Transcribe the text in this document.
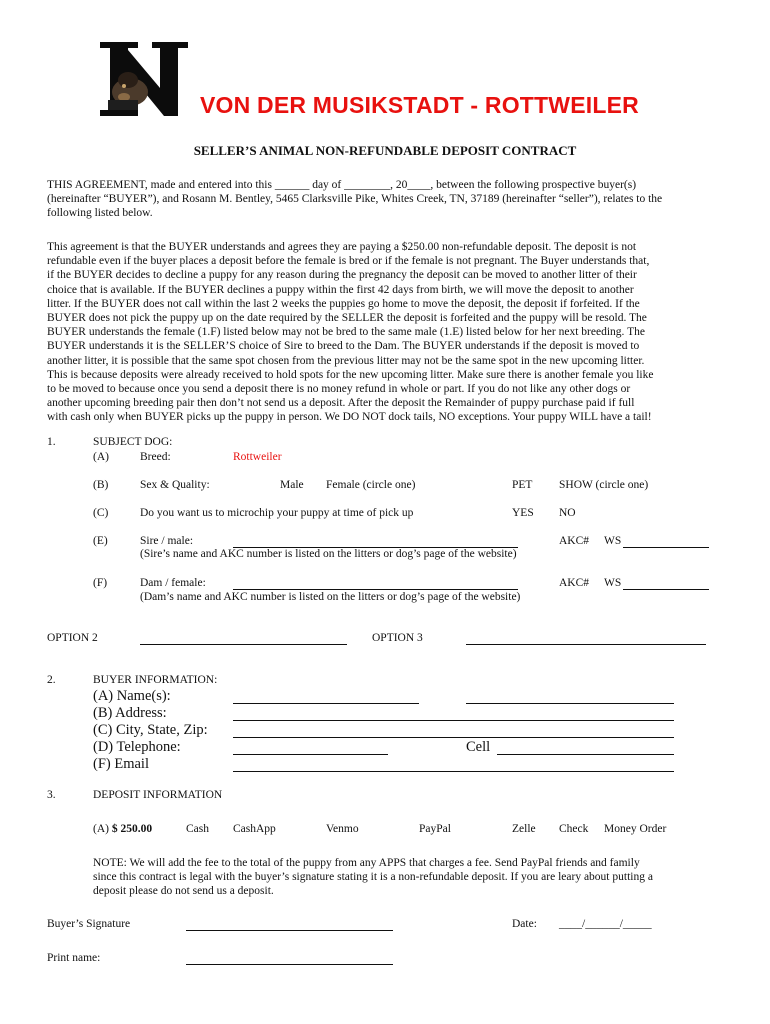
VON DER MUSIKSTADT - ROTTWEILER
SELLER’S ANIMAL NON-REFUNDABLE DEPOSIT CONTRACT
THIS AGREEMENT, made and entered into this ______ day of ________, 20____, between the following prospective buyer(s)
(hereinafter “BUYER”), and Rosann M. Bentley, 5465 Clarksville Pike, Whites Creek, TN, 37189 (hereinafter “seller”), relates to the
following listed below.
This agreement is that the BUYER understands and agrees they are paying a $250.00 non-refundable deposit. The deposit is not
refundable even if the buyer places a deposit before the female is bred or if the female is not pregnant. The Buyer understands that,
if the BUYER decides to decline a puppy for any reason during the pregnancy the deposit can be moved to another litter of their
choice that is available. If the BUYER declines a puppy within the first 42 days from birth, we will move the deposit to another
litter. If the BUYER does not call within the last 2 weeks the puppies go home to move the deposit, the deposit if forfeited. If the
BUYER does not pick the puppy up on the date required by the SELLER the deposit is forfeited and the puppy will be resold. The
BUYER understands the female (1.F) listed below may not be bred to the same male (1.E) listed below for her next breeding. The
BUYER understands it is the SELLER’S choice of Sire to breed to the Dam. The BUYER understands if the deposit is moved to
another litter, it is possible that the same spot chosen from the previous litter may not be the same spot in the new upcoming litter.
This is because deposits were already received to hold spots for the new upcoming litter. Make sure there is another female you like
to be moved to because once you send a deposit there is no money refund in whole or part. If you do not like any other dogs or
another upcoming breeding pair then don’t not send us a deposit. After the deposit the Remainder of puppy purchase paid if full
with cash only when BUYER picks up the puppy in person. We DO NOT dock tails, NO exceptions. Your puppy WILL have a tail!
1.	SUBJECT DOG:
(A)	Breed:	Rottweiler
(B)	Sex & Quality:	Male Female (circle one)	PET SHOW (circle one)
(C)	Do you want us to microchip your puppy at time of pick up	YES NO
(E)	Sire / male:	AKC# WS
(Sire’s name and AKC number is listed on the litters or dog’s page of the website)
(F)	Dam / female:	AKC# WS
(Dam’s name and AKC number is listed on the litters or dog’s page of the website)
OPTION 2	OPTION 3
2.	BUYER INFORMATION:
(A) Name(s):
(B) Address:
(C) City, State, Zip:
(D) Telephone:	Cell
(F) Email
3.	DEPOSIT INFORMATION
(A) $ 250.00	Cash CashApp	Venmo	PayPal	Zelle Check Money Order
NOTE: We will add the fee to the total of the puppy from any APPS that charges a fee. Send PayPal friends and family
since this contract is legal with the buyer’s signature stating it is a non-refundable deposit. If you are leary about putting a
deposit please do not send us a deposit.
Buyer’s Signature	Date: ____/______/_____
Print name:
